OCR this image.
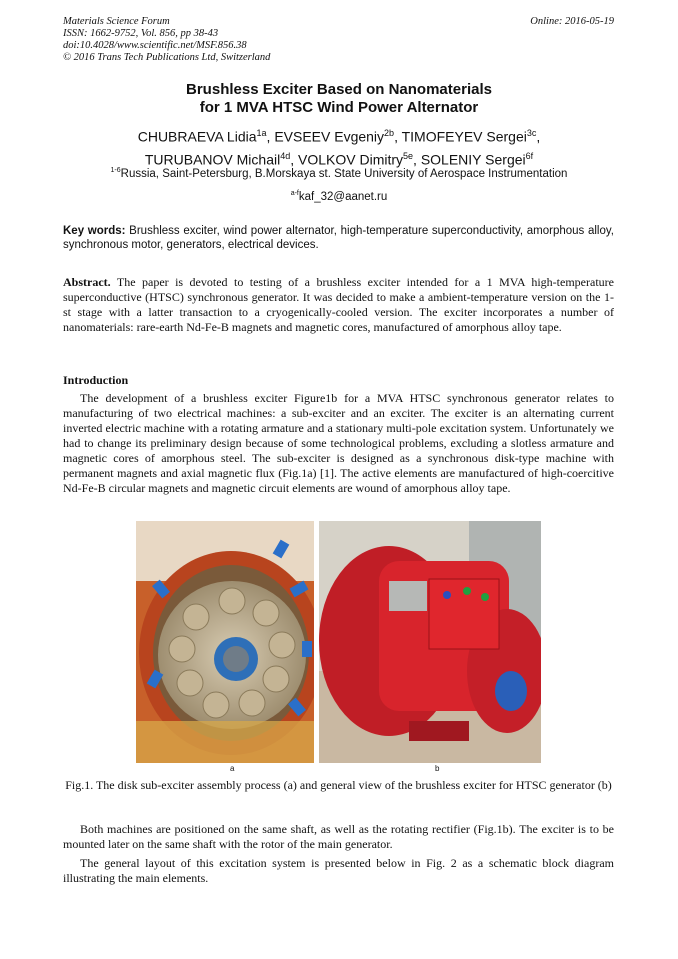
Materials Science Forum
ISSN: 1662-9752, Vol. 856, pp 38-43
doi:10.4028/www.scientific.net/MSF.856.38
© 2016 Trans Tech Publications Ltd, Switzerland
Online: 2016-05-19
Brushless Exciter Based on Nanomaterials
for 1 MVA HTSC Wind Power Alternator
CHUBRAEVA Lidia$^{1a}$, EVSEEV Evgeniy$^{2b}$, TIMOFEYEV Sergei$^{3c}$,
TURUBANOV Michail$^{4d}$, VOLKOV Dimitry$^{5e}$, SOLENIY Sergei$^{6f}$
$^{1-6}$Russia, Saint-Petersburg, B.Morskaya st. State University of Aerospace Instrumentation
$^{a-f}$kaf_32@aanet.ru
Key words: Brushless exciter, wind power alternator, high-temperature superconductivity, amorphous alloy, synchronous motor, generators, electrical devices.
Abstract. The paper is devoted to testing of a brushless exciter intended for a 1 MVA high-temperature superconductive (HTSC) synchronous generator. It was decided to make a ambient-temperature version on the 1-st stage with a latter transaction to a cryogenically-cooled version. The exciter incorporates a number of nanomaterials: rare-earth Nd-Fe-B magnets and magnetic cores, manufactured of amorphous alloy tape.
Introduction
The development of a brushless exciter Figure1b for a MVA HTSC synchronous generator relates to manufacturing of two electrical machines: a sub-exciter and an exciter. The exciter is an alternating current inverted electric machine with a rotating armature and a stationary multi-pole excitation system. Unfortunately we had to change its preliminary design because of some technological problems, excluding a slotless armature and magnetic cores of amorphous steel. The sub-exciter is designed as a synchronous disk-type machine with permanent magnets and axial magnetic flux (Fig.1a) [1]. The active elements are manufactured of high-coercitive Nd-Fe-B circular magnets and magnetic circuit elements are wound of amorphous alloy tape.
a	b
Fig.1. The disk sub-exciter assembly process (a) and general view of the brushless exciter for HTSC generator (b)
Both machines are positioned on the same shaft, as well as the rotating rectifier (Fig.1b). The exciter is to be mounted later on the same shaft with the rotor of the main generator.
The general layout of this excitation system is presented below in Fig. 2 as a schematic block diagram illustrating the main elements.
